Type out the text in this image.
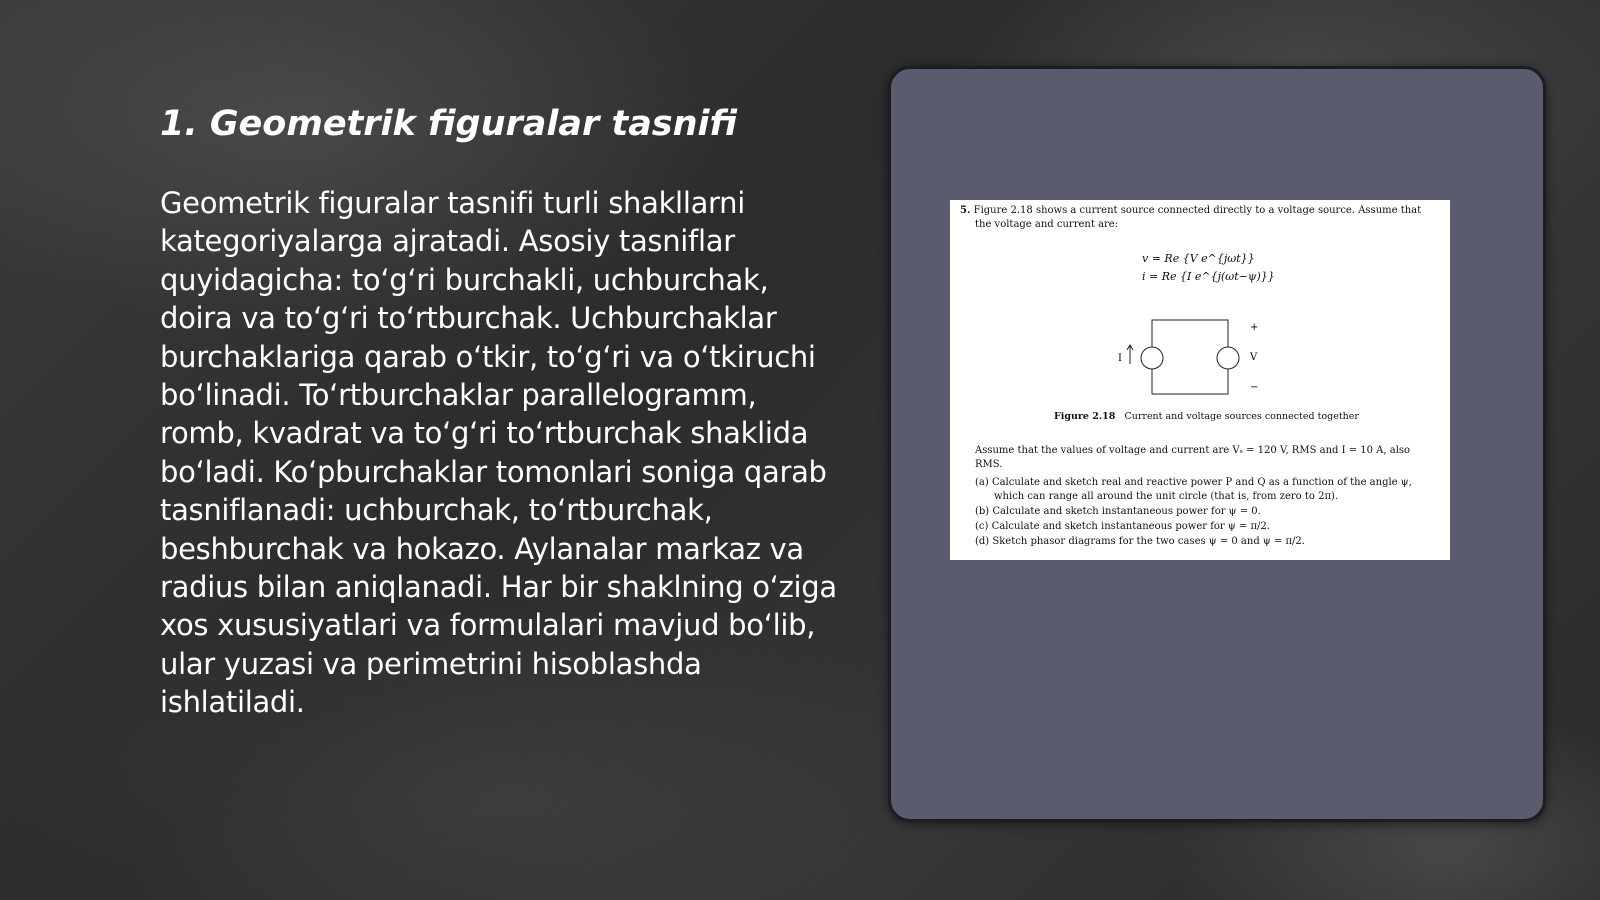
1. Geometrik figuralar tasnifi

Geometrik figuralar tasnifi turli shakllarni kategoriyalarga ajratadi. Asosiy tasniflar quyidagicha: to‘g‘ri burchakli, uchburchak, doira va to‘g‘ri to‘rtburchak. Uchburchaklar burchaklariga qarab o‘tkir, to‘g‘ri va o‘tkiruchi bo‘linadi. To‘rtburchaklar parallelogramm, romb, kvadrat va to‘g‘ri to‘rtburchak shaklida bo‘ladi. Ko‘pburchaklar tomonlari soniga qarab tasniflanadi: uchburchak, to‘rtburchak, beshburchak va hokazo. Aylanalar markaz va radius bilan aniqlanadi. Har bir shaklning o‘ziga xos xususiyatlari va formulalari mavjud bo‘lib, ular yuzasi va perimetrini hisoblashda ishlatiladi.

5. Figure 2.18 shows a current source connected directly to a voltage source. Assume that
the voltage and current are:
v = Re {V e^{jωt}}
i = Re {I e^{j(ωt−ψ)}}
I	V
+
−
Figure 2.18 Current and voltage sources connected together
Assume that the values of voltage and current are Vₛ = 120 V, RMS and I = 10 A, also
RMS.
(a) Calculate and sketch real and reactive power P and Q as a function of the angle ψ,
which can range all around the unit circle (that is, from zero to 2π).
(b) Calculate and sketch instantaneous power for ψ = 0.
(c) Calculate and sketch instantaneous power for ψ = π/2.
(d) Sketch phasor diagrams for the two cases ψ = 0 and ψ = π/2.
